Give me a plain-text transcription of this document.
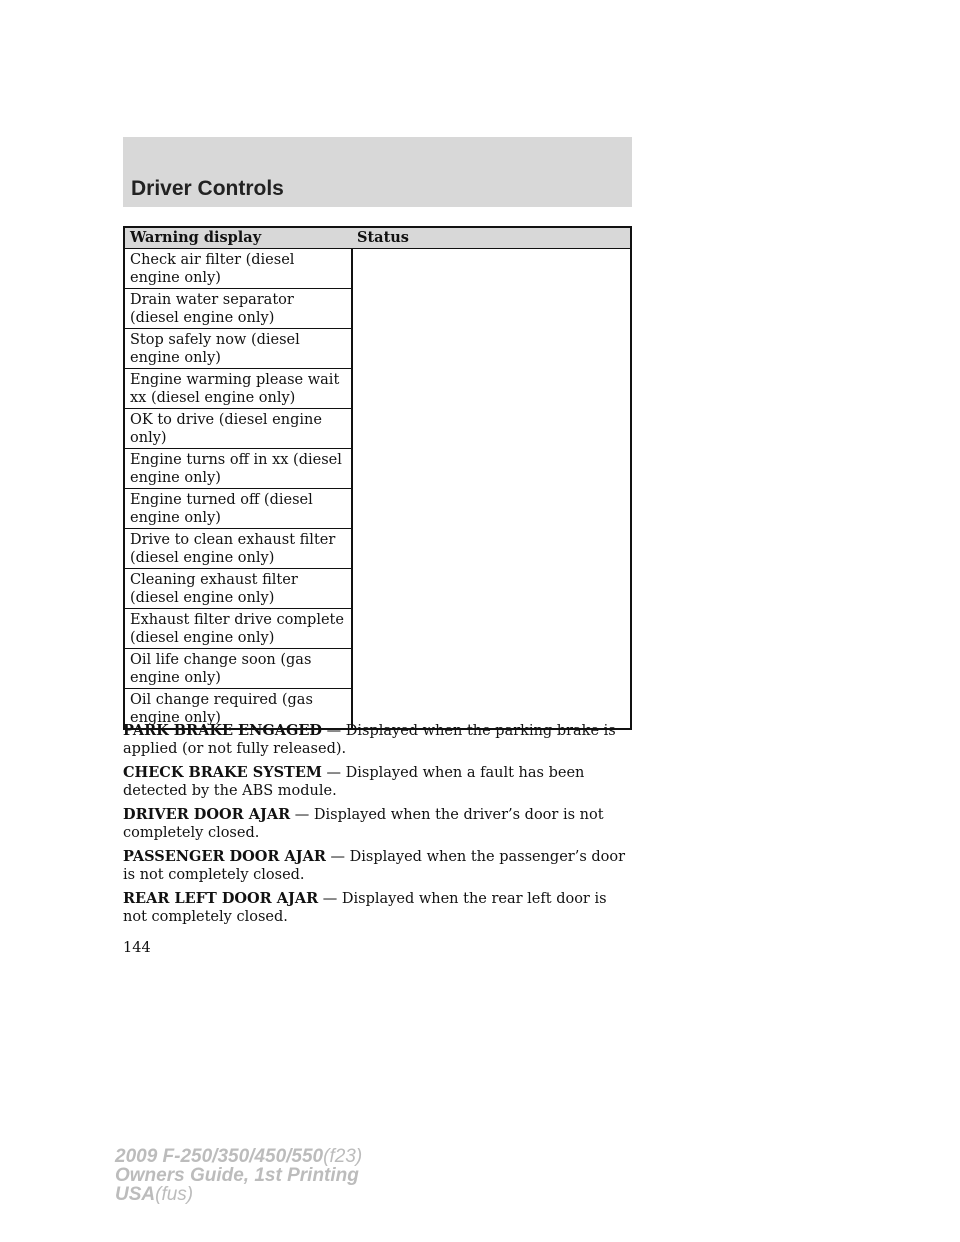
Driver Controls
Warning display	Status
Check air filter (diesel engine only)	
Drain water separator (diesel engine only)	
Stop safely now (diesel engine only)	
Engine warming please wait xx (diesel engine only)	
OK to drive (diesel engine only)	
Engine turns off in xx (diesel engine only)	
Engine turned off (diesel engine only)	
Drive to clean exhaust filter (diesel engine only)	
Cleaning exhaust filter (diesel engine only)	
Exhaust filter drive complete (diesel engine only)	
Oil life change soon (gas engine only)	
Oil change required (gas engine only)	

PARK BRAKE ENGAGED — Displayed when the parking brake is applied (or not fully released).

CHECK BRAKE SYSTEM — Displayed when a fault has been detected by the ABS module.

DRIVER DOOR AJAR — Displayed when the driver’s door is not completely closed.

PASSENGER DOOR AJAR — Displayed when the passenger’s door is not completely closed.

REAR LEFT DOOR AJAR — Displayed when the rear left door is not completely closed.

144

2009 F-250/350/450/550(f23)
Owners Guide, 1st Printing
USA(fus)
